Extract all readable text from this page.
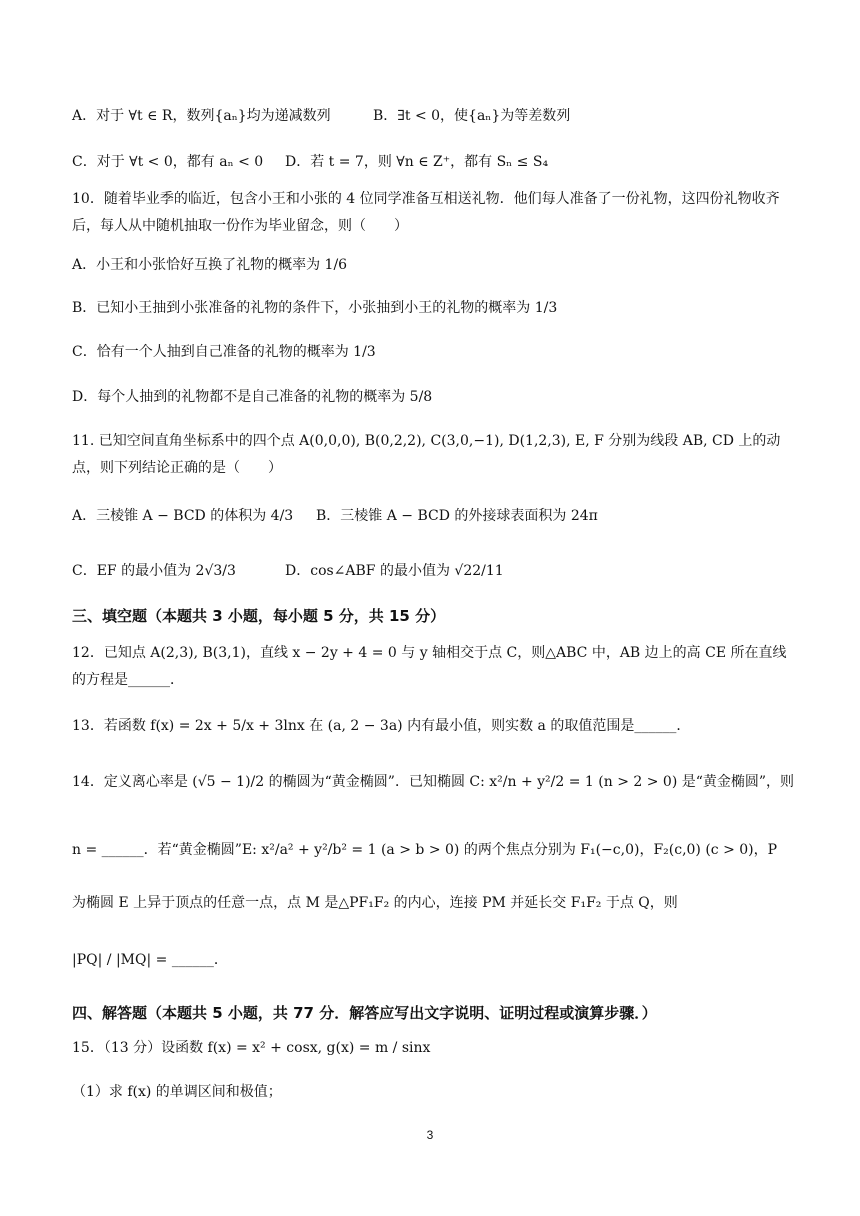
A．对于 ∀t ∈ R，数列{aₙ}均为递减数列	B．∃t < 0，使{aₙ}为等差数列
C．对于 ∀t < 0，都有 aₙ < 0 D．若 t = 7，则 ∀n ∈ Z⁺，都有 Sₙ ≤ S₄
10．随着毕业季的临近，包含小王和小张的 4 位同学准备互相送礼物．他们每人准备了一份礼物，这四份礼物收齐后，每人从中随机抽取一份作为毕业留念，则（　　）
A．小王和小张恰好互换了礼物的概率为 1/6
B．已知小王抽到小张准备的礼物的条件下，小张抽到小王的礼物的概率为 1/3
C．恰有一个人抽到自己准备的礼物的概率为 1/3
D．每个人抽到的礼物都不是自己准备的礼物的概率为 5/8
11. 已知空间直角坐标系中的四个点 A(0,0,0), B(0,2,2), C(3,0,−1), D(1,2,3), E, F 分别为线段 AB, CD 上的动点，则下列结论正确的是（　　）
A．三棱锥 A − BCD 的体积为 4/3 B．三棱锥 A − BCD 的外接球表面积为 24π
C．EF 的最小值为 2√3/3	D．cos∠ABF 的最小值为 √22/11
三、填空题（本题共 3 小题，每小题 5 分，共 15 分）
12．已知点 A(2,3), B(3,1)，直线 x − 2y + 4 = 0 与 y 轴相交于点 C，则△ABC 中，AB 边上的高 CE 所在直线的方程是______．
13．若函数 f(x) = 2x + 5/x + 3lnx 在 (a, 2 − 3a) 内有最小值，则实数 a 的取值范围是______．
14．定义离心率是 (√5 − 1)/2 的椭圆为“黄金椭圆”．已知椭圆 C: x²/n + y²/2 = 1 (n > 2 > 0) 是“黄金椭圆”，则
n = ______．若“黄金椭圆”E: x²/a² + y²/b² = 1 (a > b > 0) 的两个焦点分别为 F₁(−c,0)，F₂(c,0) (c > 0)，P
为椭圆 E 上异于顶点的任意一点，点 M 是△PF₁F₂ 的内心，连接 PM 并延长交 F₁F₂ 于点 Q，则
|PQ| / |MQ| = ______．
四、解答题（本题共 5 小题，共 77 分．解答应写出文字说明、证明过程或演算步骤．）
15．（13 分）设函数 f(x) = x² + cosx, g(x) = m / sinx
（1）求 f(x) 的单调区间和极值；
3
